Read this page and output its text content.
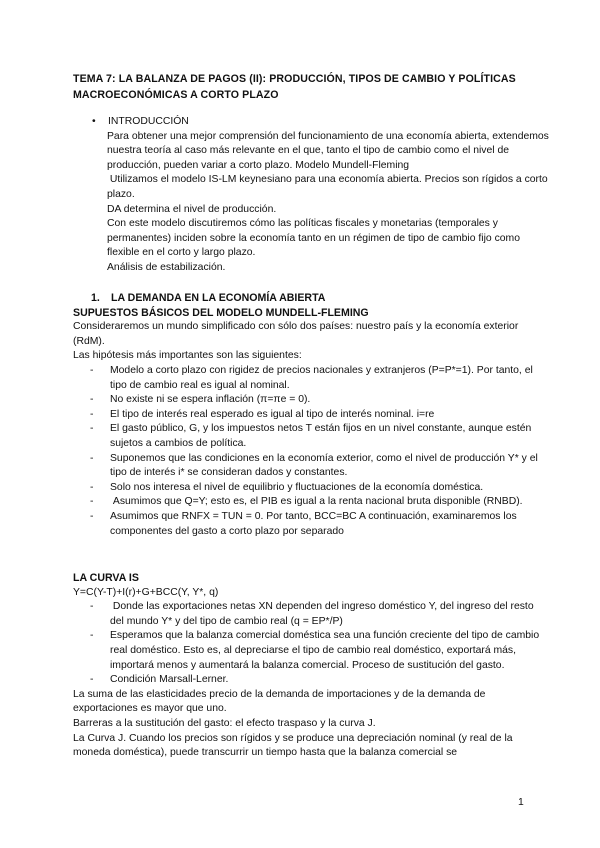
TEMA 7: LA BALANZA DE PAGOS (II): PRODUCCIÓN, TIPOS DE CAMBIO Y POLÍTICAS MACROECONÓMICAS A CORTO PLAZO
• INTRODUCCIÓN

Para obtener una mejor comprensión del funcionamiento de una economía abierta, extendemos nuestra teoría al caso más relevante en el que, tanto el tipo de cambio como el nivel de producción, pueden variar a corto plazo. Modelo Mundell-Fleming

Utilizamos el modelo IS-LM keynesiano para una economía abierta. Precios son rígidos a corto plazo.

DA determina el nivel de producción.

Con este modelo discutiremos cómo las políticas fiscales y monetarias (temporales y permanentes) inciden sobre la economía tanto en un régimen de tipo de cambio fijo como flexible en el corto y largo plazo.

Análisis de estabilización.

1. LA DEMANDA EN LA ECONOMÍA ABIERTA
SUPUESTOS BÁSICOS DEL MODELO MUNDELL-FLEMING

Consideraremos un mundo simplificado con sólo dos países: nuestro país y la economía exterior (RdM).

Las hipótesis más importantes son las siguientes:

- Modelo a corto plazo con rigidez de precios nacionales y extranjeros (P=P*=1). Por tanto, el tipo de cambio real es igual al nominal.
- No existe ni se espera inflación (π=πe = 0).
- El tipo de interés real esperado es igual al tipo de interés nominal. i=re
- El gasto público, G, y los impuestos netos T están fijos en un nivel constante, aunque estén sujetos a cambios de política.
- Suponemos que las condiciones en la economía exterior, como el nivel de producción Y* y el tipo de interés i* se consideran dados y constantes.
- Solo nos interesa el nivel de equilibrio y fluctuaciones de la economía doméstica.
-  Asumimos que Q=Y; esto es, el PIB es igual a la renta nacional bruta disponible (RNBD).
- Asumimos que RNFX = TUN = 0. Por tanto, BCC=BC A continuación, examinaremos los componentes del gasto a corto plazo por separado
LA CURVA IS

Y=C(Y-T)+I(r)+G+BCC(Y, Y*, q)

-  Donde las exportaciones netas XN dependen del ingreso doméstico Y, del ingreso del resto del mundo Y* y del tipo de cambio real (q = EP*/P)
- Esperamos que la balanza comercial doméstica sea una función creciente del tipo de cambio real doméstico. Esto es, al depreciarse el tipo de cambio real doméstico, exportará más, importará menos y aumentará la balanza comercial. Proceso de sustitución del gasto.
- Condición Marsall-Lerner.

La suma de las elasticidades precio de la demanda de importaciones y de la demanda de exportaciones es mayor que uno.

Barreras a la sustitución del gasto: el efecto traspaso y la curva J.

La Curva J. Cuando los precios son rígidos y se produce una depreciación nominal (y real de la moneda doméstica), puede transcurrir un tiempo hasta que la balanza comercial se

1
